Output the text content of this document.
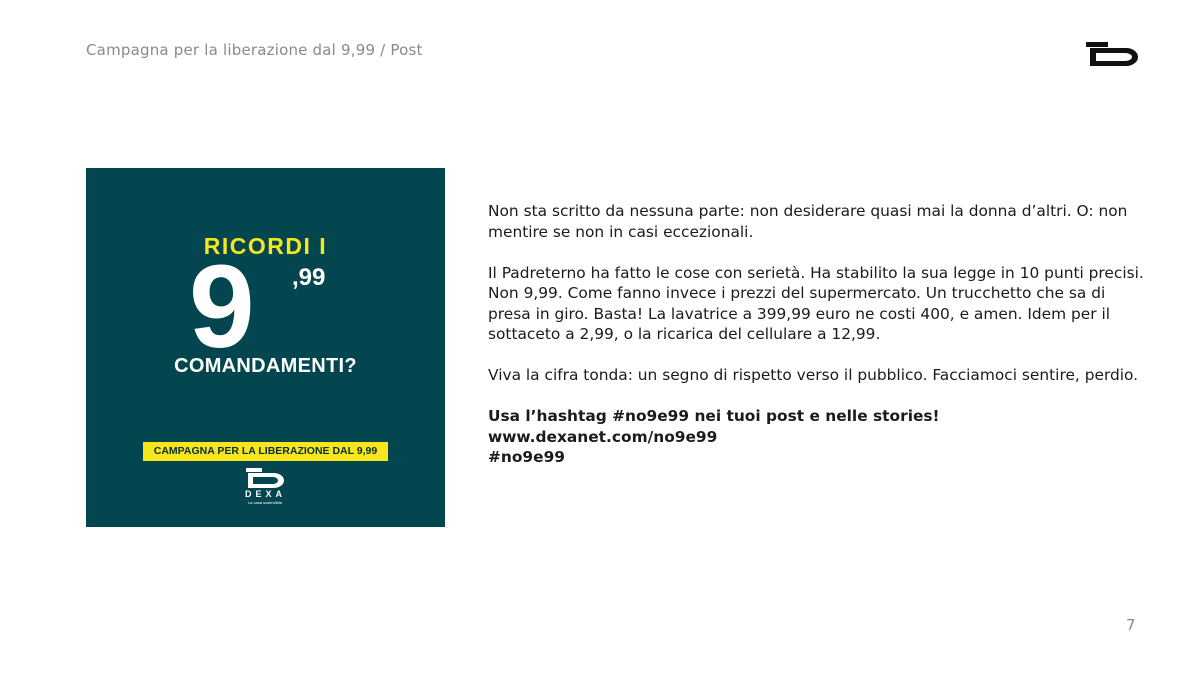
Campagna per la liberazione dal 9,99 / Post
RICORDI I
9 ,99
COMANDAMENTI?
CAMPAGNA PER LA LIBERAZIONE DAL 9,99
DEXA
La casa sostenibile.

Non sta scritto da nessuna parte: non desiderare quasi mai la donna d’altri. O: non mentire se non in casi eccezionali.

Il Padreterno ha fatto le cose con serietà. Ha stabilito la sua legge in 10 punti precisi. Non 9,99. Come fanno invece i prezzi del supermercato. Un trucchetto che sa di presa in giro. Basta! La lavatrice a 399,99 euro ne costi 400, e amen. Idem per il sottaceto a 2,99, o la ricarica del cellulare a 12,99.

Viva la cifra tonda: un segno di rispetto verso il pubblico. Facciamoci sentire, perdio.

Usa l’hashtag #no9e99 nei tuoi post e nelle stories!
www.dexanet.com/no9e99
#no9e99
7
